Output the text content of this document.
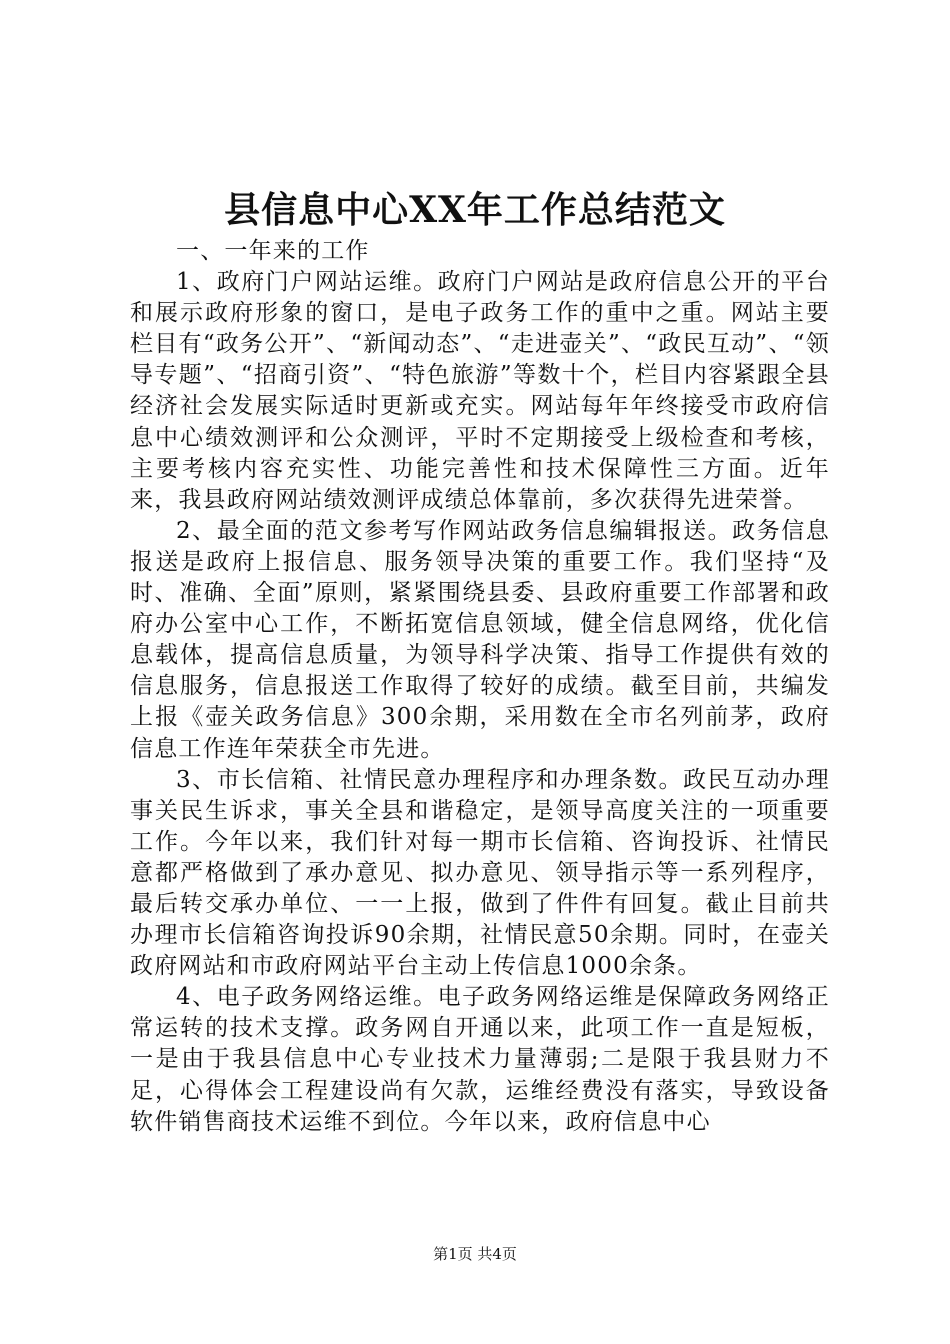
县信息中心XX年工作总结范文

一、一年来的工作

1、政府门户网站运维。政府门户网站是政府信息公开的平台和展示政府形象的窗口，是电子政务工作的重中之重。网站主要栏目有“政务公开”、“新闻动态”、“走进壶关”、“政民互动”、“领导专题”、“招商引资”、“特色旅游”等数十个，栏目内容紧跟全县经济社会发展实际适时更新或充实。网站每年年终接受市政府信息中心绩效测评和公众测评，平时不定期接受上级检查和考核，主要考核内容充实性、功能完善性和技术保障性三方面。近年来，我县政府网站绩效测评成绩总体靠前，多次获得先进荣誉。

2、最全面的范文参考写作网站政务信息编辑报送。政务信息报送是政府上报信息、服务领导决策的重要工作。我们坚持“及时、准确、全面”原则，紧紧围绕县委、县政府重要工作部署和政府办公室中心工作，不断拓宽信息领域，健全信息网络，优化信息载体，提高信息质量，为领导科学决策、指导工作提供有效的信息服务，信息报送工作取得了较好的成绩。截至目前，共编发上报《壶关政务信息》300余期，采用数在全市名列前茅，政府信息工作连年荣获全市先进。

3、市长信箱、社情民意办理程序和办理条数。政民互动办理事关民生诉求，事关全县和谐稳定，是领导高度关注的一项重要工作。今年以来，我们针对每一期市长信箱、咨询投诉、社情民意都严格做到了承办意见、拟办意见、领导指示等一系列程序，最后转交承办单位、一一上报，做到了件件有回复。截止目前共办理市长信箱咨询投诉90余期，社情民意50余期。同时，在壶关政府网站和市政府网站平台主动上传信息1000余条。

4、电子政务网络运维。电子政务网络运维是保障政务网络正常运转的技术支撑。政务网自开通以来，此项工作一直是短板，一是由于我县信息中心专业技术力量薄弱;二是限于我县财力不足，心得体会工程建设尚有欠款，运维经费没有落实，导致设备软件销售商技术运维不到位。今年以来，政府信息中心

第1页 共4页
